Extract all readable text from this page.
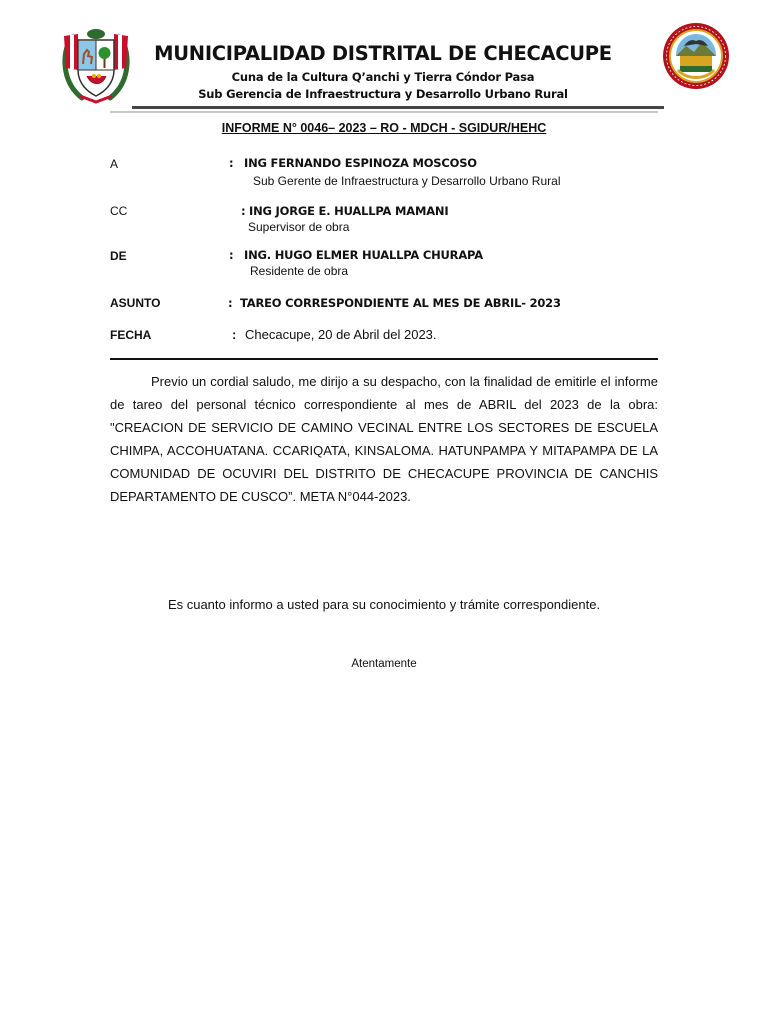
MUNICIPALIDAD DISTRITAL DE CHECACUPE
Cuna de la Cultura Q’anchi y Tierra Cóndor Pasa
Sub Gerencia de Infraestructura y Desarrollo Urbano Rural
INFORME N° 0046– 2023 – RO - MDCH - SGIDUR/HEHC
A	: ING FERNANDO ESPINOZA MOSCOSO
Sub Gerente de Infraestructura y Desarrollo Urbano Rural
CC	: ING JORGE E. HUALLPA MAMANI
Supervisor de obra
DE	: ING. HUGO ELMER HUALLPA CHURAPA
Residente de obra
ASUNTO	: TAREO CORRESPONDIENTE AL MES DE ABRIL- 2023
FECHA	: Checacupe, 20 de Abril del 2023.
Previo un cordial saludo, me dirijo a su despacho, con la finalidad de emitirle el informe de tareo del personal técnico correspondiente al mes de ABRIL del 2023 de la obra: "CREACION DE SERVICIO DE CAMINO VECINAL ENTRE LOS SECTORES DE ESCUELA CHIMPA, ACCOHUATANA. CCARIQATA, KINSALOMA. HATUNPAMPA Y MITAPAMPA DE LA COMUNIDAD DE OCUVIRI DEL DISTRITO DE CHECACUPE PROVINCIA DE CANCHIS DEPARTAMENTO DE CUSCO”. META N°044-2023.
Es cuanto informo a usted para su conocimiento y trámite correspondiente.
Atentamente
